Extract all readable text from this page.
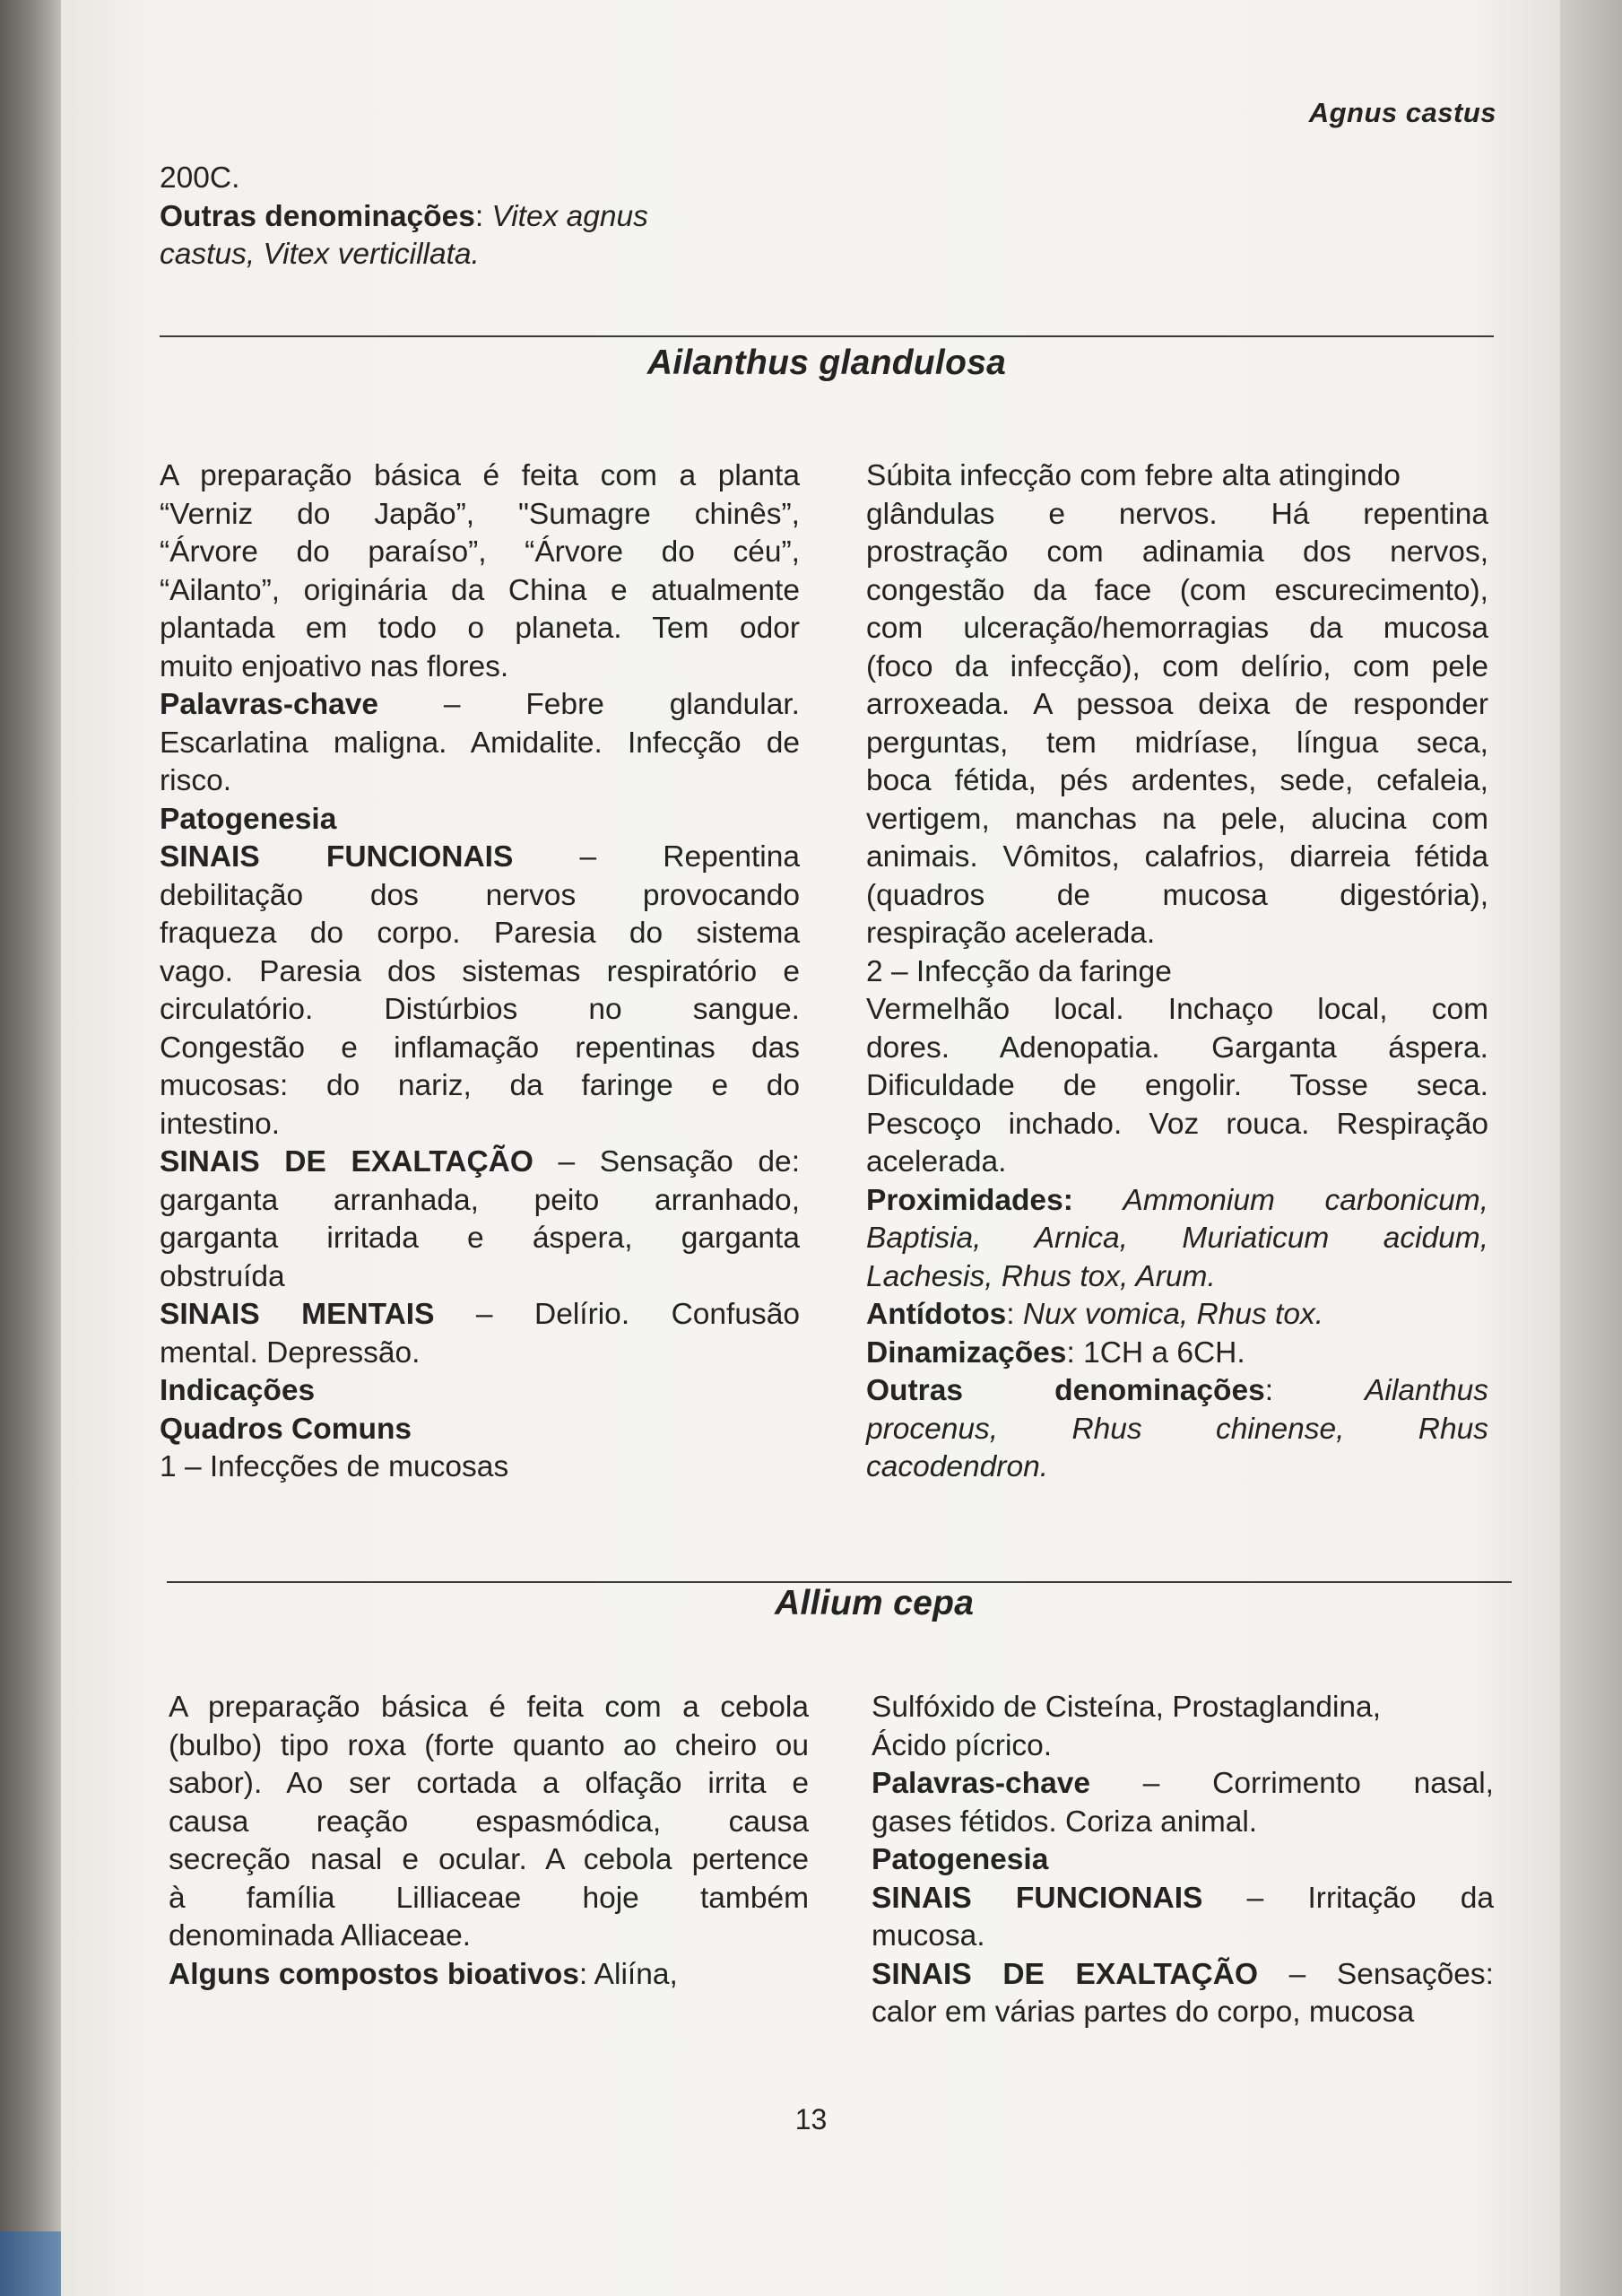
Agnus castus

200C.

Outras denominações: Vitex agnus

castus, Vitex verticillata.

Ailanthus glandulosa

A preparação básica é feita com a planta

“Verniz do Japão”, "Sumagre chinês”,

“Árvore do paraíso”, “Árvore do céu”,

“Ailanto”, originária da China e atualmente

plantada em todo o planeta. Tem odor

muito enjoativo nas flores.

Palavras-chave – Febre glandular.

Escarlatina maligna. Amidalite. Infecção de

risco.

Patogenesia

SINAIS FUNCIONAIS – Repentina

debilitação dos nervos provocando

fraqueza do corpo. Paresia do sistema

vago. Paresia dos sistemas respiratório e

circulatório. Distúrbios no sangue.

Congestão e inflamação repentinas das

mucosas: do nariz, da faringe e do

intestino.

SINAIS DE EXALTAÇÃO – Sensação de:

garganta arranhada, peito arranhado,

garganta irritada e áspera, garganta

obstruída

SINAIS MENTAIS – Delírio. Confusão

mental. Depressão.

Indicações

Quadros Comuns

1 – Infecções de mucosas

Súbita infecção com febre alta atingindo

glândulas e nervos. Há repentina

prostração com adinamia dos nervos,

congestão da face (com escurecimento),

com ulceração/hemorragias da mucosa

(foco da infecção), com delírio, com pele

arroxeada. A pessoa deixa de responder

perguntas, tem midríase, língua seca,

boca fétida, pés ardentes, sede, cefaleia,

vertigem, manchas na pele, alucina com

animais. Vômitos, calafrios, diarreia fétida

(quadros de mucosa digestória),

respiração acelerada.

2 – Infecção da faringe

Vermelhão local. Inchaço local, com

dores. Adenopatia. Garganta áspera.

Dificuldade de engolir. Tosse seca.

Pescoço inchado. Voz rouca. Respiração

acelerada.

Proximidades: Ammonium carbonicum,

Baptisia, Arnica, Muriaticum acidum,

Lachesis, Rhus tox, Arum.

Antídotos: Nux vomica, Rhus tox.

Dinamizações: 1CH a 6CH.

Outras denominações: Ailanthus

procenus, Rhus chinense, Rhus

cacodendron.

Allium cepa

A preparação básica é feita com a cebola

(bulbo) tipo roxa (forte quanto ao cheiro ou

sabor). Ao ser cortada a olfação irrita e

causa reação espasmódica, causa

secreção nasal e ocular. A cebola pertence

à família Lilliaceae hoje também

denominada Alliaceae.

Alguns compostos bioativos: Aliína,

Sulfóxido de Cisteína, Prostaglandina,

Ácido pícrico.

Palavras-chave – Corrimento nasal,

gases fétidos. Coriza animal.

Patogenesia

SINAIS FUNCIONAIS – Irritação da

mucosa.

SINAIS DE EXALTAÇÃO – Sensações:

calor em várias partes do corpo, mucosa

13
